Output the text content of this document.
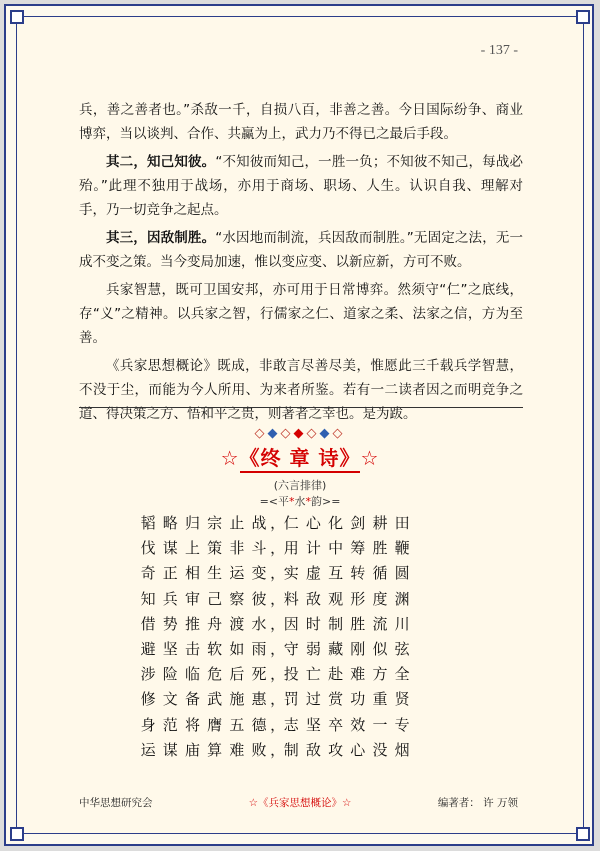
- 137 -

兵，善之善者也。”杀敌一千，自损八百，非善之善。今日国际纷争、商业博弈，当以谈判、合作、共赢为上，武力乃不得已之最后手段。

其二，知己知彼。“不知彼而知己，一胜一负；不知彼不知己，每战必殆。”此理不独用于战场，亦用于商场、职场、人生。认识自我、理解对手，乃一切竞争之起点。

其三，因敌制胜。“水因地而制流，兵因敌而制胜。”无固定之法，无一成不变之策。当今变局加速，惟以变应变、以新应新，方可不败。

兵家智慧，既可卫国安邦，亦可用于日常博弈。然须守“仁”之底线，存“义”之精神。以兵家之智，行儒家之仁、道家之柔、法家之信，方为至善。

《兵家思想概论》既成，非敢言尽善尽美，惟愿此三千载兵学智慧，不没于尘，而能为今人所用、为来者所鉴。若有一二读者因之而明竞争之道、得决策之方、悟和平之贵，则著者之幸也。是为跋。

◇◆◇◆◇◆◇
☆《终 章 诗》☆
(六言排律)
=<平*水*韵>=
韬 略 归 宗 止 战 ，
仁 心 化 剑 耕 田
伐 谋 上 策 非 斗 ，
用 计 中 筹 胜 鞭
奇 正 相 生 运 变 ，
实 虚 互 转 循 圆
知 兵 审 己 察 彼 ，
料 敌 观 形 度 渊
借 势 推 舟 渡 水 ，
因 时 制 胜 流 川
避 坚 击 软 如 雨 ，
守 弱 藏 刚 似 弦
涉 险 临 危 后 死 ，
投 亡 赴 难 方 全
修 文 备 武 施 惠 ，
罚 过 赏 功 重 贤
身 范 将 膺 五 德 ，
志 坚 卒 效 一 专
运 谋 庙 算 难 败 ，
制 敌 攻 心 没 烟
中华思想研究会	☆《兵家思想概论》☆	编著者： 许 万领
